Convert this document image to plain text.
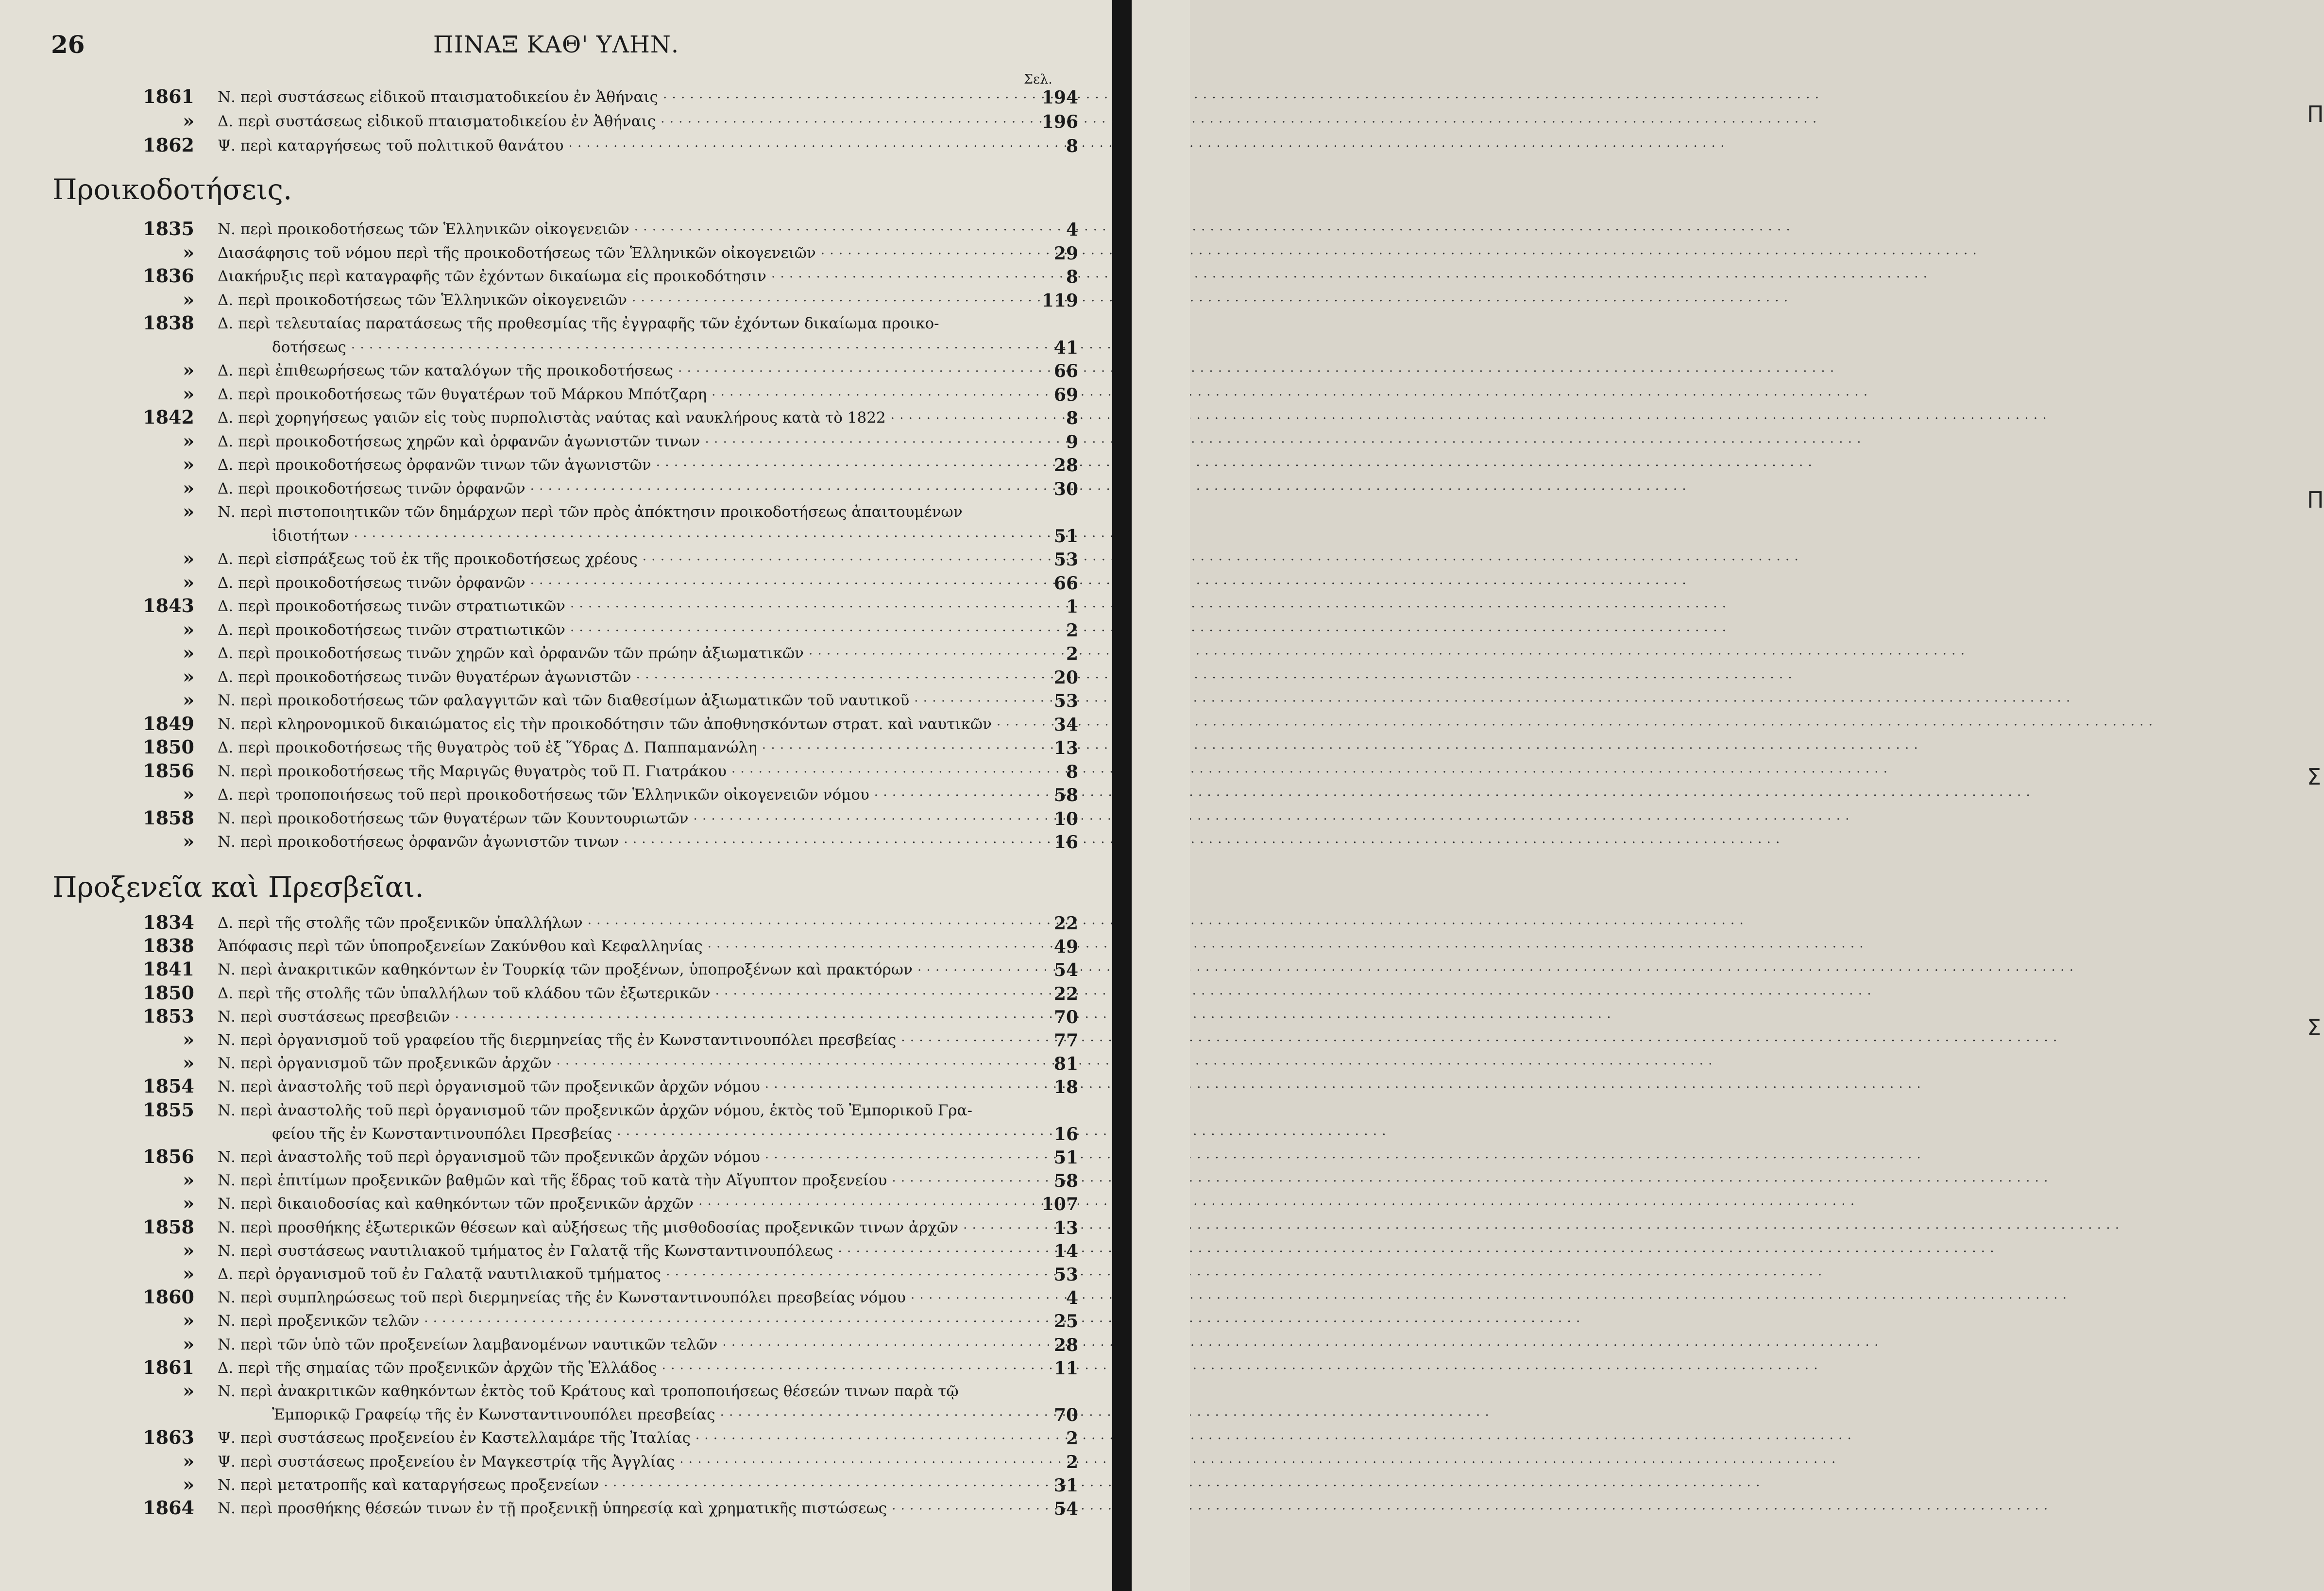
26	ΠΙΝΑΞ ΚΑΘ' ΥΛΗΝ.
Σελ.
1861 Ν. περὶ συστάσεως εἰδικοῦ πταισματοδικείου ἐν Ἀθήναις · · ·	194
» Δ. περὶ συστάσεως εἰδικοῦ πταισματοδικείου ἐν Ἀθήναις · · ·	196
1862 Ψ. περὶ καταργήσεως τοῦ πολιτικοῦ θανάτου · · ·	8
Προικοδοτήσεις.
1835 Ν. περὶ προικοδοτήσεως τῶν Ἑλληνικῶν οἰκογενειῶν · · ·	4
» Διασάφησις τοῦ νόμου περὶ τῆς προικοδοτήσεως τῶν Ἑλληνικῶν οἰκογενειῶν · · ·	29
1836 Διακήρυξις περὶ καταγραφῆς τῶν ἐχόντων δικαίωμα εἰς προικοδότησιν · · ·	8
» Δ. περὶ προικοδοτήσεως τῶν Ἑλληνικῶν οἰκογενειῶν · · ·	119
1838 Δ. περὶ τελευταίας παρατάσεως τῆς προθεσμίας τῆς ἐγγραφῆς τῶν ἐχόντων δικαίωμα προικο-
δοτήσεως · · ·	41
» Δ. περὶ ἐπιθεωρήσεως τῶν καταλόγων τῆς προικοδοτήσεως · · ·	66
» Δ. περὶ προικοδοτήσεως τῶν θυγατέρων τοῦ Μάρκου Μπότζαρη · · ·	69
1842 Δ. περὶ χορηγήσεως γαιῶν εἰς τοὺς πυρπολιστὰς ναύτας καὶ ναυκλήρους κατὰ τὸ 1822 · · ·	8
» Δ. περὶ προικοδοτήσεως χηρῶν καὶ ὀρφανῶν ἀγωνιστῶν τινων · · ·	9
» Δ. περὶ προικοδοτήσεως ὀρφανῶν τινων τῶν ἀγωνιστῶν · · ·	28
» Δ. περὶ προικοδοτήσεως τινῶν ὀρφανῶν · · ·	30
» Ν. περὶ πιστοποιητικῶν τῶν δημάρχων περὶ τῶν πρὸς ἀπόκτησιν προικοδοτήσεως ἀπαιτουμένων
ἰδιοτήτων · · ·	51
» Δ. περὶ εἰσπράξεως τοῦ ἐκ τῆς προικοδοτήσεως χρέους · · ·	53
» Δ. περὶ προικοδοτήσεως τινῶν ὀρφανῶν · · ·	66
1843 Δ. περὶ προικοδοτήσεως τινῶν στρατιωτικῶν · · ·	1
» Δ. περὶ προικοδοτήσεως τινῶν στρατιωτικῶν · · ·	2
» Δ. περὶ προικοδοτήσεως τινῶν χηρῶν καὶ ὀρφανῶν τῶν πρώην ἀξιωματικῶν · · ·	2
» Δ. περὶ προικοδοτήσεως τινῶν θυγατέρων ἀγωνιστῶν · · ·	20
» Ν. περὶ προικοδοτήσεως τῶν φαλαγγιτῶν καὶ τῶν διαθεσίμων ἀξιωματικῶν τοῦ ναυτικοῦ · · ·	53
1849 Ν. περὶ κληρονομικοῦ δικαιώματος εἰς τὴν προικοδότησιν τῶν ἀποθνησκόντων στρατ. καὶ ναυτικῶν · · ·	34
1850 Δ. περὶ προικοδοτήσεως τῆς θυγατρὸς τοῦ ἐξ Ὕδρας Δ. Παππαμανώλη · · ·	13
1856 Ν. περὶ προικοδοτήσεως τῆς Μαριγῶς θυγατρὸς τοῦ Π. Γιατράκου · · ·	8
» Δ. περὶ τροποποιήσεως τοῦ περὶ προικοδοτήσεως τῶν Ἑλληνικῶν οἰκογενειῶν νόμου · · ·	58
1858 Ν. περὶ προικοδοτήσεως τῶν θυγατέρων τῶν Κουντουριωτῶν · · ·	10
» Ν. περὶ προικοδοτήσεως ὀρφανῶν ἀγωνιστῶν τινων · · ·	16
Προξενεῖα καὶ Πρεσβεῖαι.
1834 Δ. περὶ τῆς στολῆς τῶν προξενικῶν ὑπαλλήλων · · ·	22
1838 Ἀπόφασις περὶ τῶν ὑποπροξενείων Ζακύνθου καὶ Κεφαλληνίας · · ·	49
1841 Ν. περὶ ἀνακριτικῶν καθηκόντων ἐν Τουρκίᾳ τῶν προξένων, ὑποπροξένων καὶ πρακτόρων · · ·	54
1850 Δ. περὶ τῆς στολῆς τῶν ὑπαλλήλων τοῦ κλάδου τῶν ἐξωτερικῶν · · ·	22
1853 Ν. περὶ συστάσεως πρεσβειῶν · · ·	70
» Ν. περὶ ὀργανισμοῦ τοῦ γραφείου τῆς διερμηνείας τῆς ἐν Κωνσταντινουπόλει πρεσβείας · · ·	77
» Ν. περὶ ὀργανισμοῦ τῶν προξενικῶν ἀρχῶν · · ·	81
1854 Ν. περὶ ἀναστολῆς τοῦ περὶ ὀργανισμοῦ τῶν προξενικῶν ἀρχῶν νόμου · · ·	18
1855 Ν. περὶ ἀναστολῆς τοῦ περὶ ὀργανισμοῦ τῶν προξενικῶν ἀρχῶν νόμου, ἐκτὸς τοῦ Ἐμπορικοῦ Γρα-
φείου τῆς ἐν Κωνσταντινουπόλει Πρεσβείας · · ·	16
1856 Ν. περὶ ἀναστολῆς τοῦ περὶ ὀργανισμοῦ τῶν προξενικῶν ἀρχῶν νόμου · · ·	51
» Ν. περὶ ἐπιτίμων προξενικῶν βαθμῶν καὶ τῆς ἕδρας τοῦ κατὰ τὴν Αἴγυπτον προξενείου · · ·	58
» Ν. περὶ δικαιοδοσίας καὶ καθηκόντων τῶν προξενικῶν ἀρχῶν · · ·	107
1858 Ν. περὶ προσθήκης ἐξωτερικῶν θέσεων καὶ αὐξήσεως τῆς μισθοδοσίας προξενικῶν τινων ἀρχῶν · · ·	13
» Ν. περὶ συστάσεως ναυτιλιακοῦ τμήματος ἐν Γαλατᾷ τῆς Κωνσταντινουπόλεως · · ·	14
» Δ. περὶ ὀργανισμοῦ τοῦ ἐν Γαλατᾷ ναυτιλιακοῦ τμήματος · · ·	53
1860 Ν. περὶ συμπληρώσεως τοῦ περὶ διερμηνείας τῆς ἐν Κωνσταντινουπόλει πρεσβείας νόμου · · ·	4
» Ν. περὶ προξενικῶν τελῶν · · ·	25
» Ν. περὶ τῶν ὑπὸ τῶν προξενείων λαμβανομένων ναυτικῶν τελῶν · · ·	28
1861 Δ. περὶ τῆς σημαίας τῶν προξενικῶν ἀρχῶν τῆς Ἑλλάδος · · ·	11
» Ν. περὶ ἀνακριτικῶν καθηκόντων ἐκτὸς τοῦ Κράτους καὶ τροποποιήσεως θέσεών τινων παρὰ τῷ
Ἐμπορικῷ Γραφείῳ τῆς ἐν Κωνσταντινουπόλει πρεσβείας · · ·	70
1863 Ψ. περὶ συστάσεως προξενείου ἐν Καστελλαμάρε τῆς Ἰταλίας · · ·	2
» Ψ. περὶ συστάσεως προξενείου ἐν Μαγκεστρίᾳ τῆς Ἀγγλίας · · ·	2
» Ν. περὶ μετατροπῆς καὶ καταργήσεως προξενείων · · ·	31
1864 Ν. περὶ προσθήκης θέσεών τινων ἐν τῇ προξενικῇ ὑπηρεσίᾳ καὶ χρηματικῆς πιστώσεως · · ·	54
Π
Π
Σ
Σ
